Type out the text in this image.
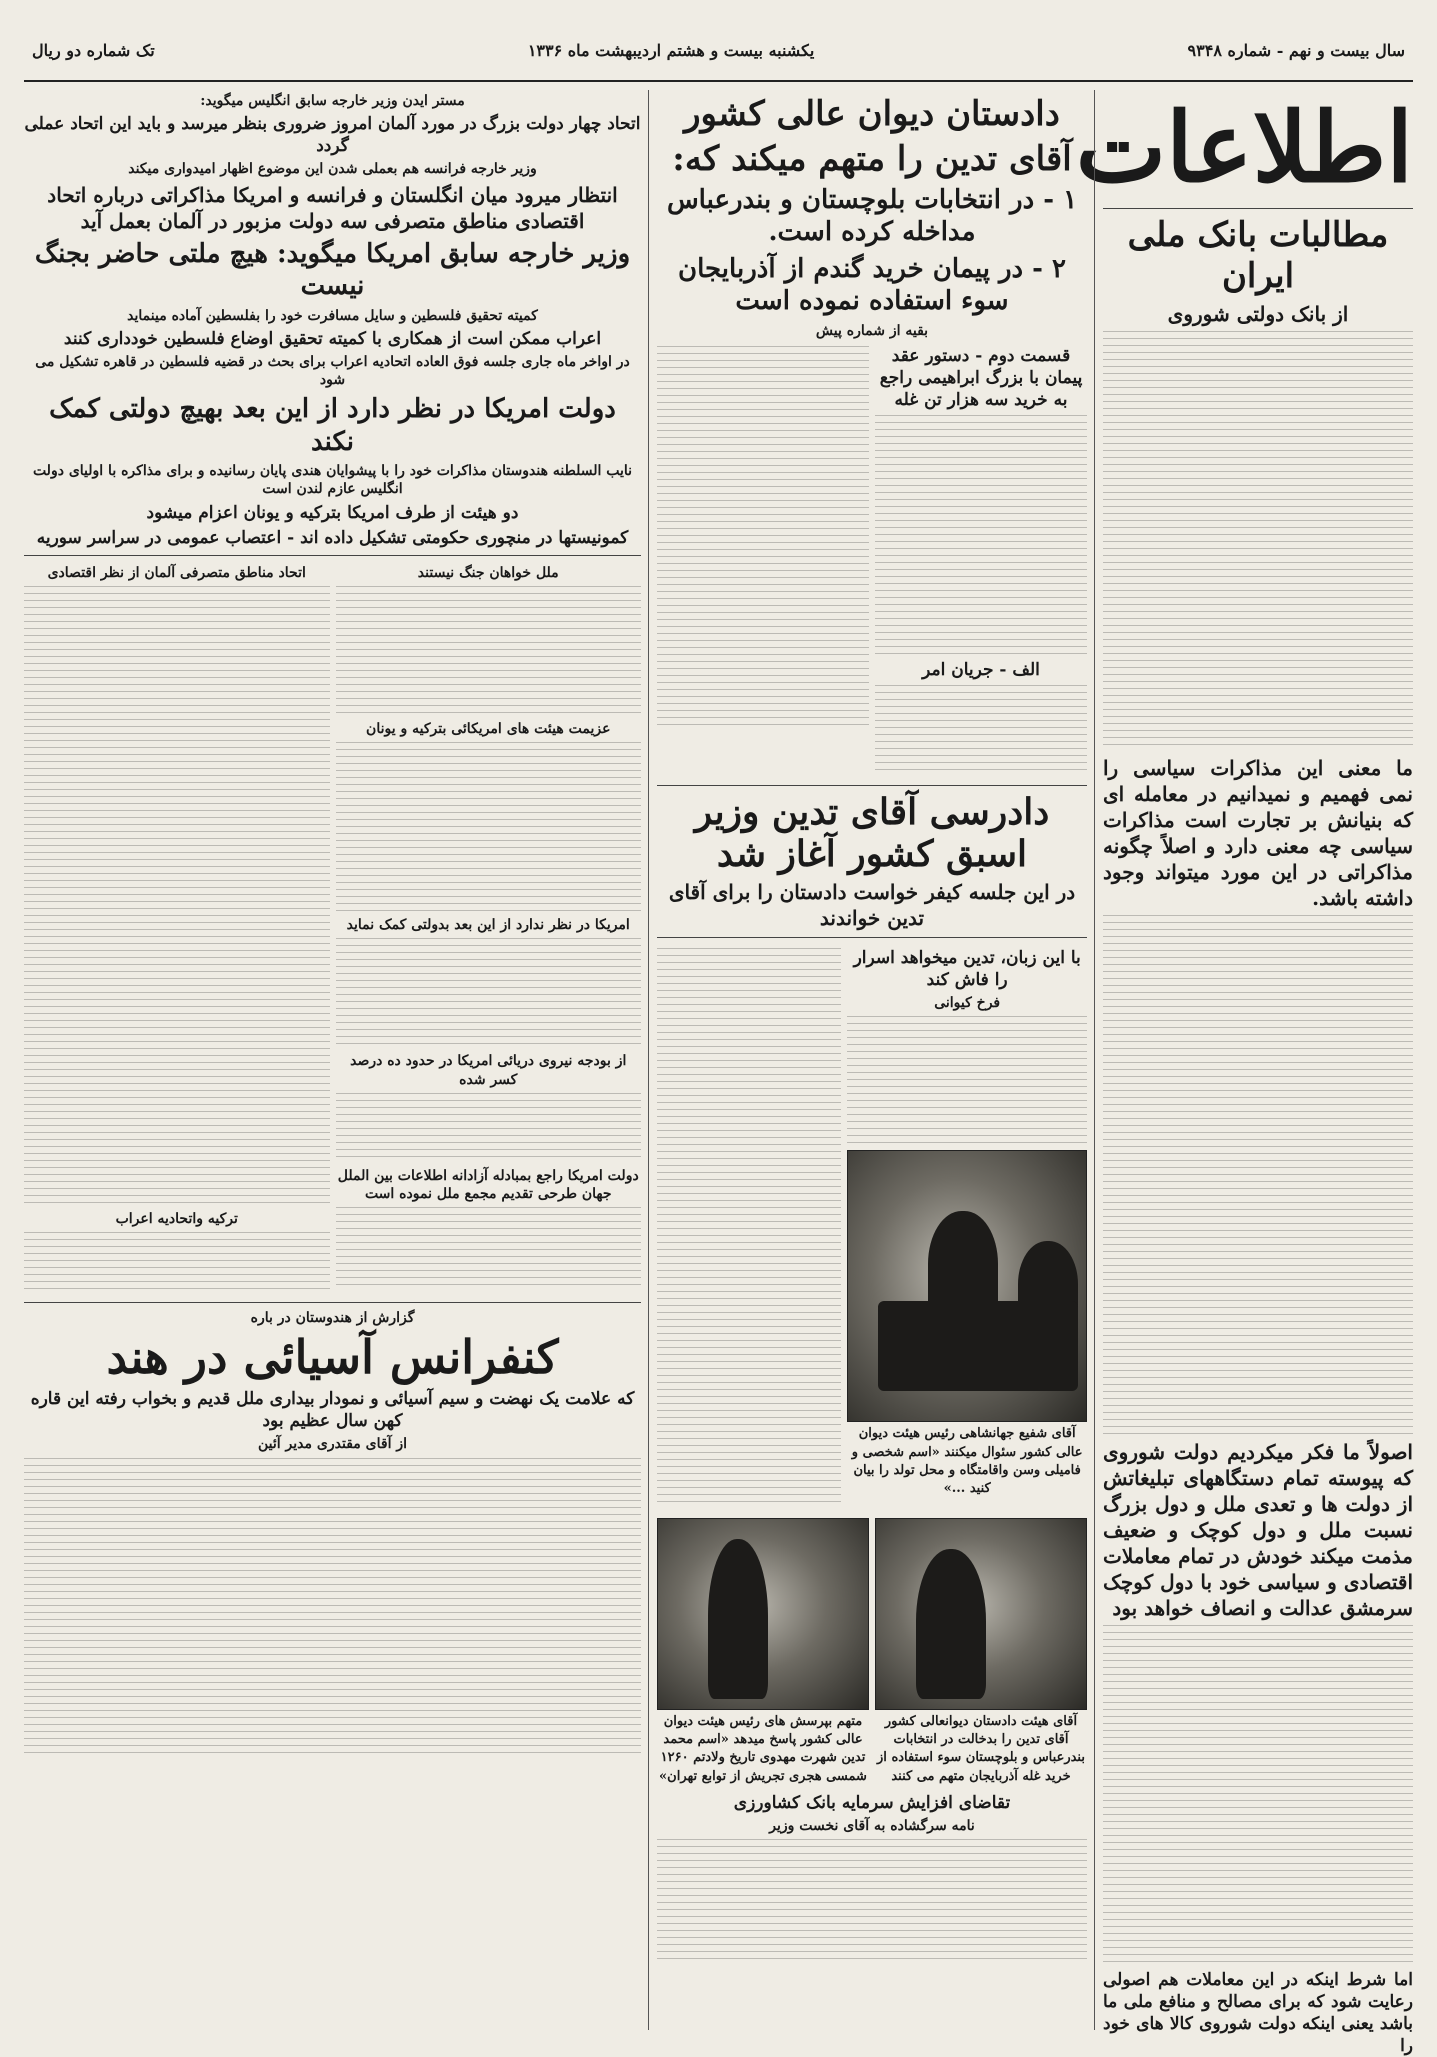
سال بیست و نهم - شماره ۹۳۴۸
یکشنبه بیست و هشتم اردیبهشت ماه ۱۳۳۶
تک شماره دو ریال
اطلاعات
مطالبات بانک ملی ایران
از بانک دولتی شوروی
ما معنی این مذاکرات سیاسی را نمی فهمیم و نمیدانیم در معامله ای که بنیانش بر تجارت است مذاکرات سیاسی چه معنی دارد و اصلاً چگونه مذاکراتی در این مورد میتواند وجود داشته باشد.
اصولاً ما فکر میکردیم دولت شوروی که پیوسته تمام دستگاههای تبلیغاتش از دولت ها و تعدی ملل و دول بزرگ نسبت ملل و دول کوچک و ضعیف مذمت میکند خودش در تمام معاملات اقتصادی و سیاسی خود با دول کوچک سرمشق عدالت و انصاف خواهد بود
اما شرط اینکه در این معاملات هم اصولی رعایت شود که برای مصالح و منافع ملی ما باشد یعنی اینکه دولت شوروی کالا های خود را
دادستان دیوان عالی کشور
آقای تدین را متهم میکند که:
۱ - در انتخابات بلوچستان و بندرعباس مداخله کرده است.
۲ - در پیمان خرید گندم از آذربایجان سوء استفاده نموده است
بقیه از شماره پیش
قسمت دوم - دستور عقد پیمان با بزرگ ابراهیمی راجع به خرید سه هزار تن غله
الف - جریان امر
دادرسی آقای تدین وزیر اسبق کشور آغاز شد
در این جلسه کیفر خواست دادستان را برای آقای تدین خواندند
با این زبان، تدین میخواهد اسرار را فاش کند
فرخ کیوانی
آقای شفیع جهانشاهی رئیس هیئت دیوان عالی کشور سئوال میکنند «اسم شخصی و فامیلی وسن واقامتگاه و محل تولد را بیان کنید ...»
آقای هیئت دادستان دیوانعالی کشور آقای تدین را بدخالت در انتخابات بندرعباس و بلوچستان سوء استفاده از خرید غله آذربایجان متهم می کنند
متهم بپرسش های رئیس هیئت دیوان عالی کشور پاسخ میدهد «اسم محمد تدین شهرت مهدوی تاریخ ولادتم ۱۲۶۰ شمسی هجری تجریش از توابع تهران»
تقاضای افزایش سرمایه بانک کشاورزی
نامه سرگشاده به آقای نخست وزیر
مستر ایدن وزیر خارجه سابق انگلیس میگوید:
اتحاد چهار دولت بزرگ در مورد آلمان امروز ضروری بنظر میرسد و باید این اتحاد عملی گردد
وزیر خارجه فرانسه هم بعملی شدن این موضوع اظهار امیدواری میکند
انتظار میرود میان انگلستان و فرانسه و امریکا مذاکراتی درباره اتحاد اقتصادی مناطق متصرفی سه دولت مزبور در آلمان بعمل آید
وزیر خارجه سابق امریکا میگوید: هیچ ملتی حاضر بجنگ نیست
کمیته تحقیق فلسطین و سایل مسافرت خود را بفلسطین آماده مینماید
اعراب ممکن است از همکاری با کمیته تحقیق اوضاع فلسطین خودداری کنند
در اواخر ماه جاری جلسه فوق العاده اتحادیه اعراب برای بحث در قضیه فلسطین در قاهره تشکیل می شود
دولت امریکا در نظر دارد از این بعد بهیچ دولتی کمک نکند
نایب السلطنه هندوستان مذاکرات خود را با پیشوایان هندی پایان رسانیده و برای مذاکره با اولیای دولت انگلیس عازم لندن است
دو هیئت از طرف امریکا بترکیه و یونان اعزام میشود
کمونیستها در منچوری حکومتی تشکیل داده اند - اعتصاب عمومی در سراسر سوریه
ملل خواهان جنگ نیستند
عزیمت هیئت های امریکائی بترکیه و یونان
امریکا در نظر ندارد از این بعد بدولتی کمک نماید
از بودجه نیروی دریائی امریکا در حدود ده درصد کسر شده
دولت امریکا راجع بمبادله آزادانه اطلاعات بین الملل جهان طرحی تقدیم مجمع ملل نموده است
اتحاد مناطق متصرفی آلمان از نظر اقتصادی
ترکیه واتحادیه اعراب
گزارش از هندوستان در باره
کنفرانس آسیائی در هند
که علامت یک نهضت و سیم آسیائی و نمودار بیداری ملل قدیم و بخواب رفته این قاره کهن سال عظیم بود
از آقای مقتدری مدیر آئین
